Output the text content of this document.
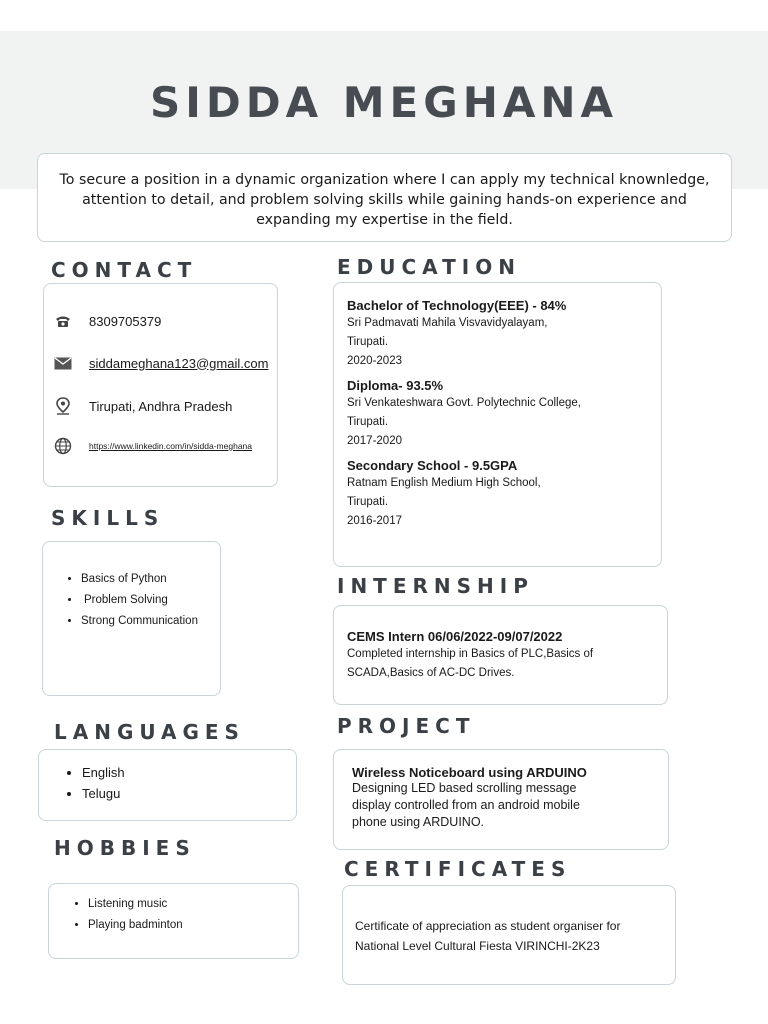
SIDDA MEGHANA
To secure a position in a dynamic organization where I can apply my technical knownledge, attention to detail, and problem solving skills while gaining hands-on experience and expanding my expertise in the field.
CONTACT
8309705379
siddameghana123@gmail.com
Tirupati, Andhra Pradesh
https://www.linkedin.com/in/sidda-meghana
SKILLS
• Basics of Python
• Problem Solving
• Strong Communication
LANGUAGES
• English
• Telugu
HOBBIES
• Listening music
• Playing badminton
EDUCATION
Bachelor of Technology(EEE) - 84%
Sri Padmavati Mahila Visvavidyalayam,
Tirupati.
2020-2023
Diploma- 93.5%
Sri Venkateshwara Govt. Polytechnic College,
Tirupati.
2017-2020
Secondary School - 9.5GPA
Ratnam English Medium High School,
Tirupati.
2016-2017
INTERNSHIP
CEMS Intern 06/06/2022-09/07/2022
Completed internship in Basics of PLC,Basics of
SCADA,Basics of AC-DC Drives.
PROJECT
Wireless Noticeboard using ARDUINO
Designing LED based scrolling message
display controlled from an android mobile
phone using ARDUINO.
CERTIFICATES
Certificate of appreciation as student organiser for
National Level Cultural Fiesta VIRINCHI-2K23
